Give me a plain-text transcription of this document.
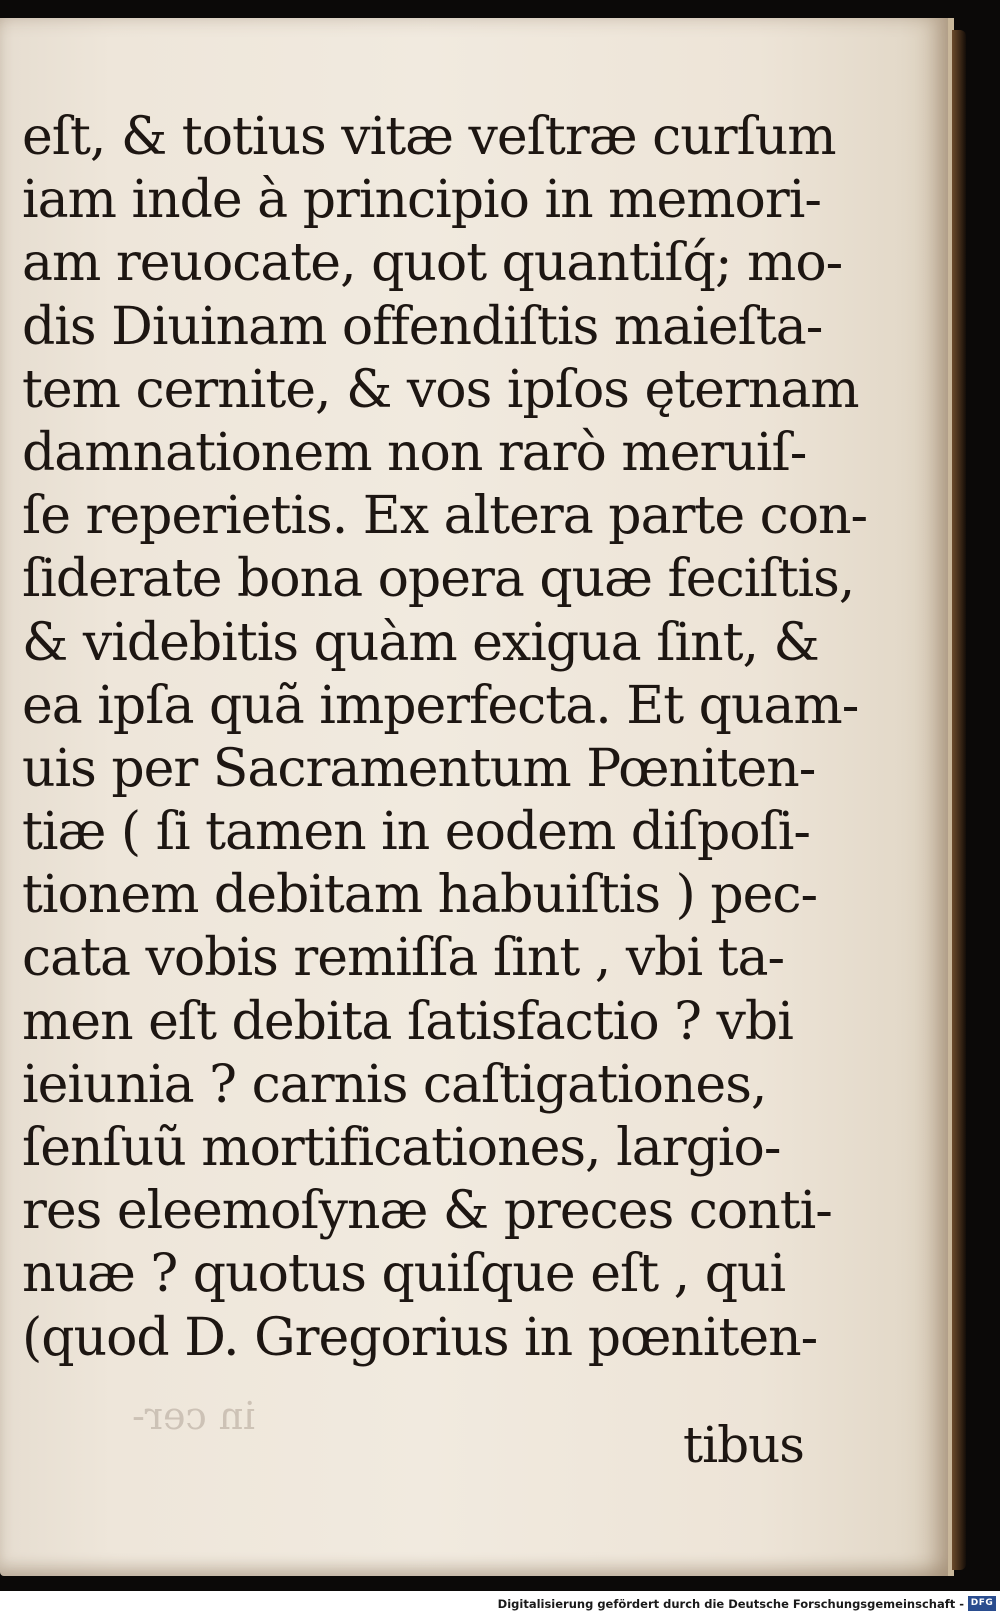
eſt, & totius vitæ veſtræ curſum
iam inde à principio in memori-
am reuocate, quot quantiſq́; mo-
dis Diuinam offendiſtis maieſta-
tem cernite, & vos ipſos ęternam
damnationem non rarò meruiſ-
ſe reperietis. Ex altera parte con-
ſiderate bona opera quæ feciſtis,
& videbitis quàm exigua ſint, &
ea ipſa quã imperfecta. Et quam-
uis per Sacramentum Pœniten-
tiæ ( ſi tamen in eodem diſpoſi-
tionem debitam habuiſtis ) pec-
cata vobis remiſſa ſint , vbi ta-
men eſt debita ſatisfactio ? vbi
ieiunia ? carnis caſtigationes,
ſenſuũ mortificationes, largio-
res eleemoſynæ & preces conti-
nuæ ? quotus quiſque eſt , qui
(quod D. Gregorius in pœniten-
in cer-	tibus
Digitalisierung gefördert durch die Deutsche Forschungsgemeinschaft - DFG
